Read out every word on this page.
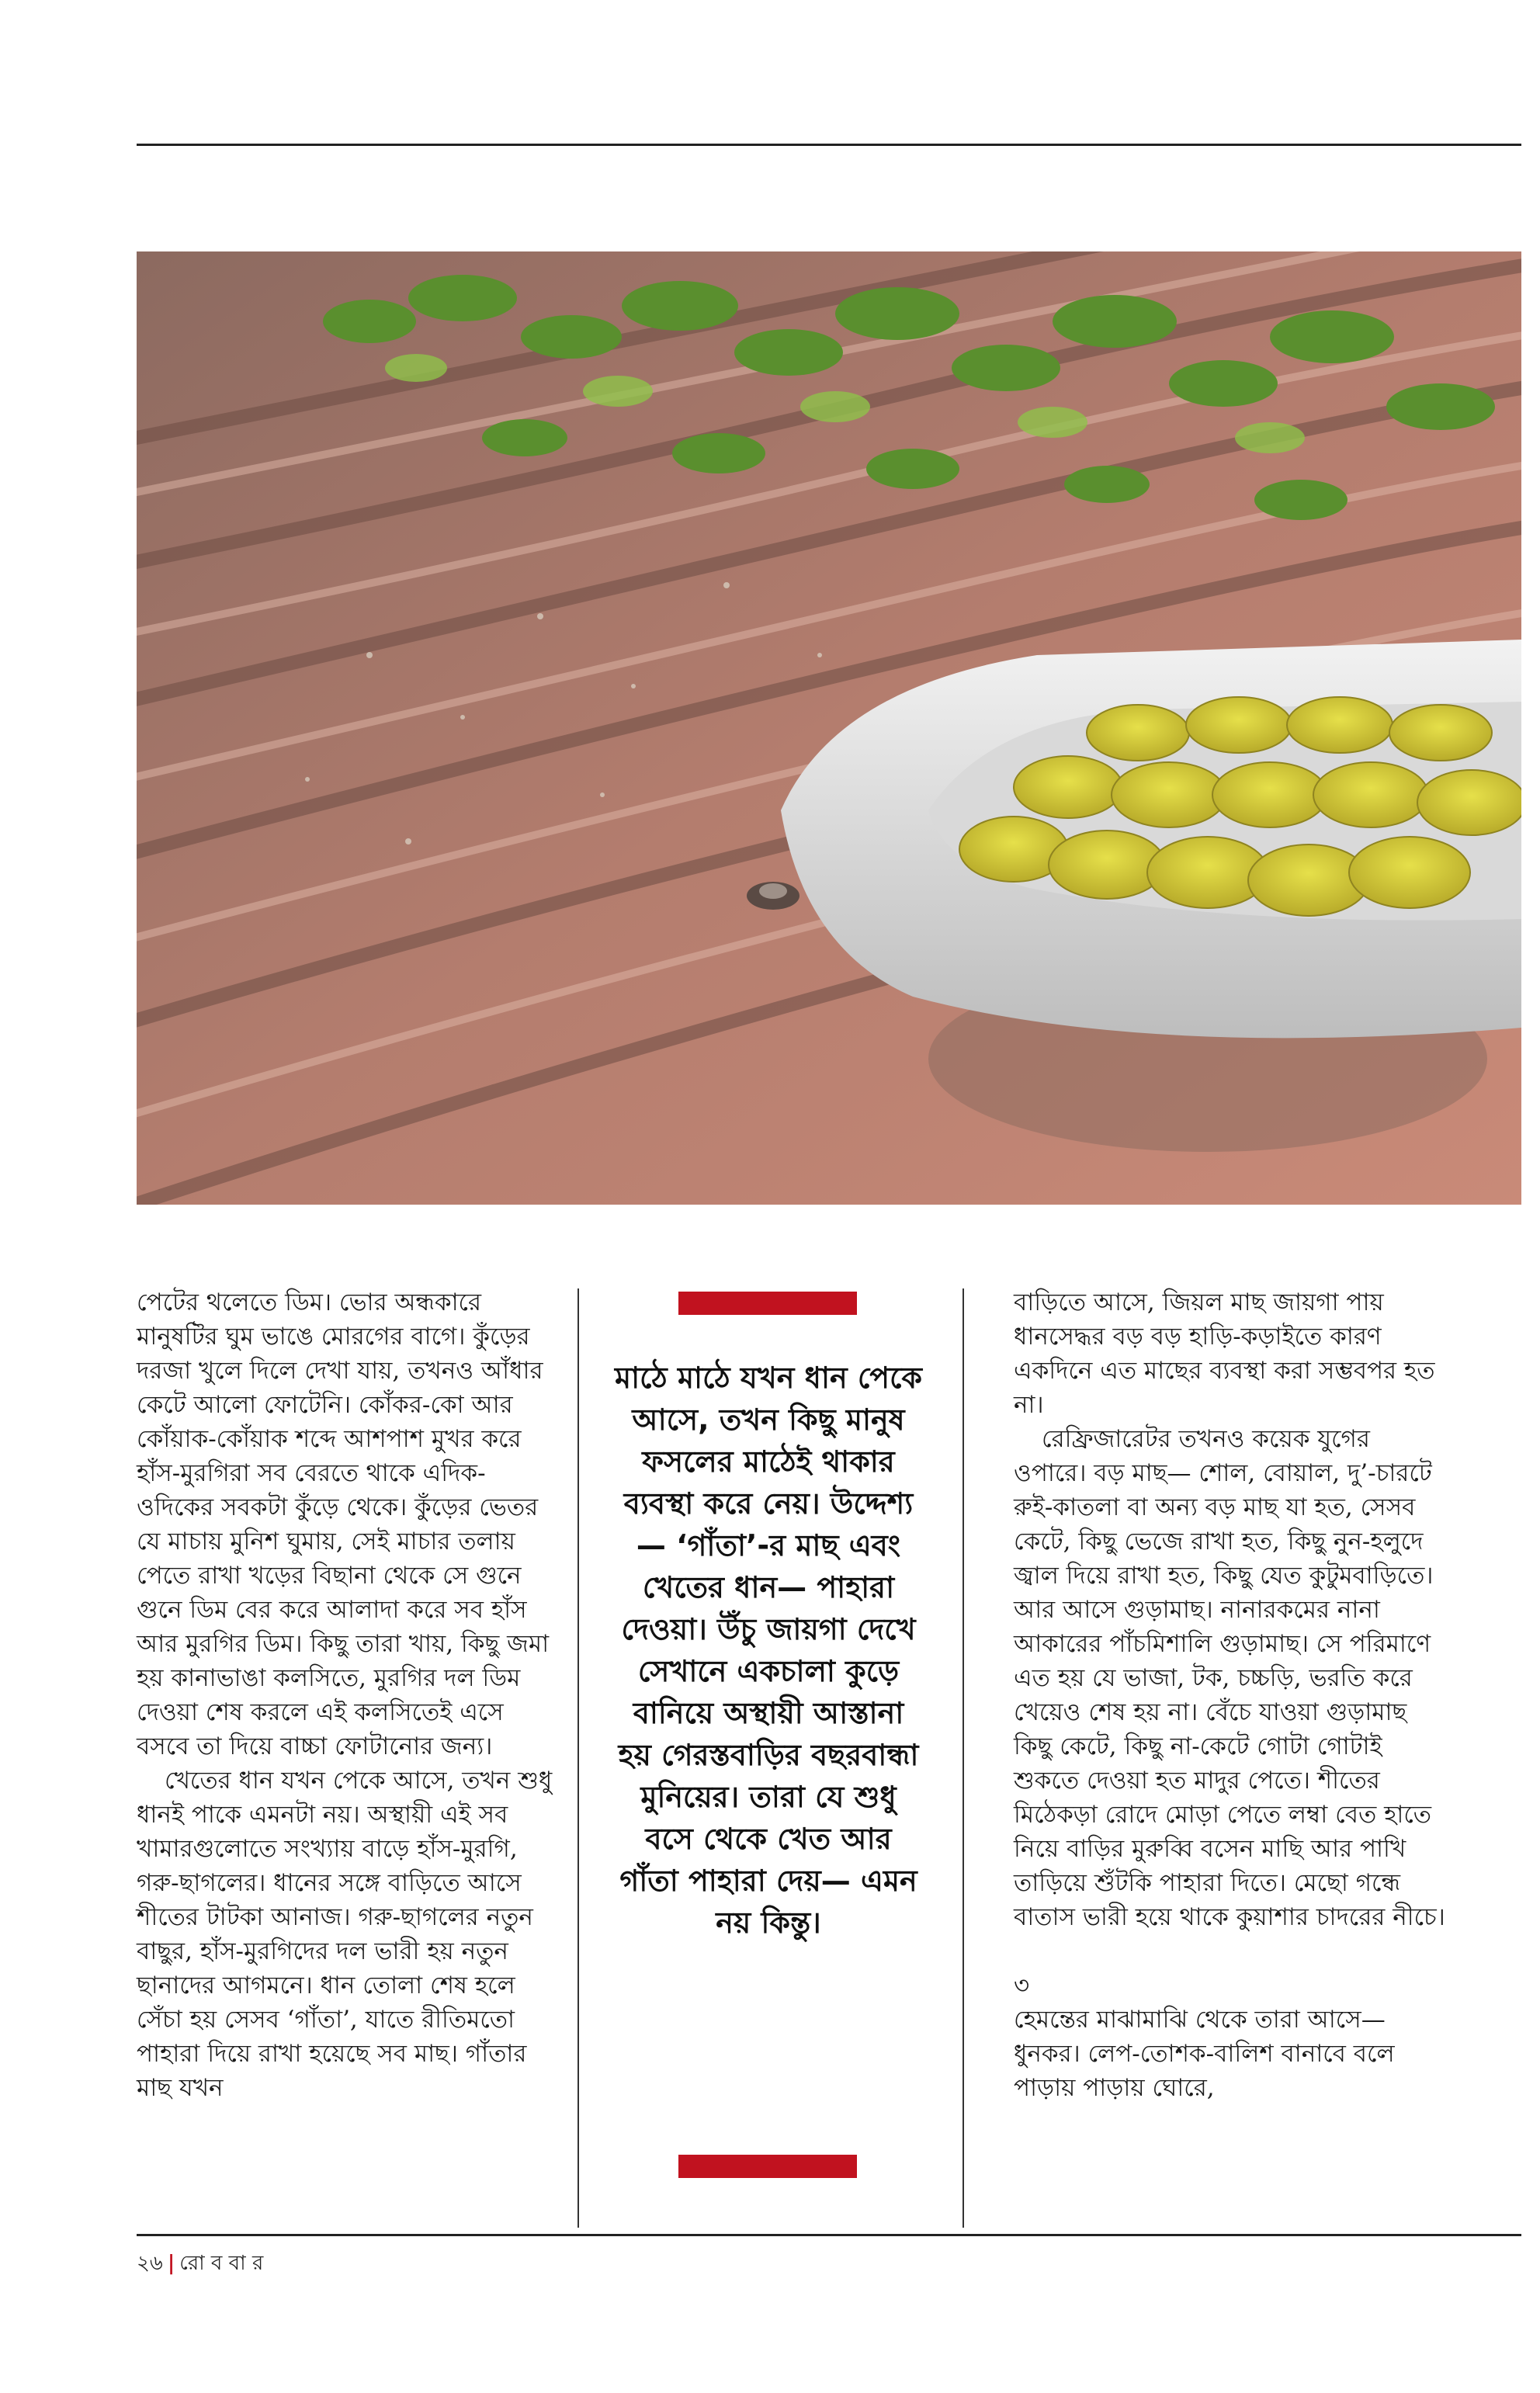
পেটের থলেতে ডিম। ভোর অন্ধকারে মানুষটির ঘুম ভাঙে মোরগের বাগে। কুঁড়ের দরজা খুলে দিলে দেখা যায়, তখনও আঁধার কেটে আলো ফোটেনি। কোঁকর-কো আর কোঁয়াক-কোঁয়াক শব্দে আশপাশ মুখর করে হাঁস-মুরগিরা সব বেরতে থাকে এদিক-ওদিকের সবকটা কুঁড়ে থেকে। কুঁড়ের ভেতর যে মাচায় মুনিশ ঘুমায়, সেই মাচার তলায় পেতে রাখা খড়ের বিছানা থেকে সে গুনে গুনে ডিম বের করে আলাদা করে সব হাঁস আর মুরগির ডিম। কিছু তারা খায়, কিছু জমা হয় কানাভাঙা কলসিতে, মুরগির দল ডিম দেওয়া শেষ করলে এই কলসিতেই এসে বসবে তা দিয়ে বাচ্চা ফোটানোর জন্য।

খেতের ধান যখন পেকে আসে, তখন শুধু ধানই পাকে এমনটা নয়। অস্থায়ী এই সব খামারগুলোতে সংখ্যায় বাড়ে হাঁস-মুরগি, গরু-ছাগলের। ধানের সঙ্গে বাড়িতে আসে শীতের টাটকা আনাজ। গরু-ছাগলের নতুন বাছুর, হাঁস-মুরগিদের দল ভারী হয় নতুন ছানাদের আগমনে। ধান তোলা শেষ হলে সেঁচা হয় সেসব ‘গাঁতা’, যাতে রীতিমতো পাহারা দিয়ে রাখা হয়েছে সব মাছ। গাঁতার মাছ যখন

মাঠে মাঠে যখন ধান পেকে আসে, তখন কিছু মানুষ ফসলের মাঠেই থাকার ব্যবস্থা করে নেয়। উদ্দেশ্য— ‘গাঁতা’-র মাছ এবং খেতের ধান— পাহারা দেওয়া। উঁচু জায়গা দেখে সেখানে একচালা কুড়ে বানিয়ে অস্থায়ী আস্তানা হয় গেরস্তবাড়ির বছরবান্ধা মুনিয়ের। তারা যে শুধু বসে থেকে খেত আর গাঁতা পাহারা দেয়— এমন নয় কিন্তু।

বাড়িতে আসে, জিয়ল মাছ জায়গা পায় ধানসেদ্ধর বড় বড় হাড়ি-কড়াইতে কারণ একদিনে এত মাছের ব্যবস্থা করা সম্ভবপর হত না।

রেফ্রিজারেটর তখনও কয়েক যুগের ওপারে। বড় মাছ— শোল, বোয়াল, দু’-চারটে রুই-কাতলা বা অন্য বড় মাছ যা হত, সেসব কেটে, কিছু ভেজে রাখা হত, কিছু নুন-হলুদে জ্বাল দিয়ে রাখা হত, কিছু যেত কুটুমবাড়িতে। আর আসে গুড়ামাছ। নানারকমের নানা আকারের পাঁচমিশালি গুড়ামাছ। সে পরিমাণে এত হয় যে ভাজা, টক, চচ্চড়ি, ভরতি করে খেয়েও শেষ হয় না। বেঁচে যাওয়া গুড়ামাছ কিছু কেটে, কিছু না-কেটে গোটা গোটাই শুকতে দেওয়া হত মাদুর পেতে। শীতের মিঠেকড়া রোদে মোড়া পেতে লম্বা বেত হাতে নিয়ে বাড়ির মুরুব্বি বসেন মাছি আর পাখি তাড়িয়ে শুঁটকি পাহারা দিতে। মেছো গন্ধে বাতাস ভারী হয়ে থাকে কুয়াশার চাদরের নীচে।

৩

হেমন্তের মাঝামাঝি থেকে তারা আসে— ধুনকর। লেপ-তোশক-বালিশ বানাবে বলে পাড়ায় পাড়ায় ঘোরে,

২৬ | রো ব বা র
